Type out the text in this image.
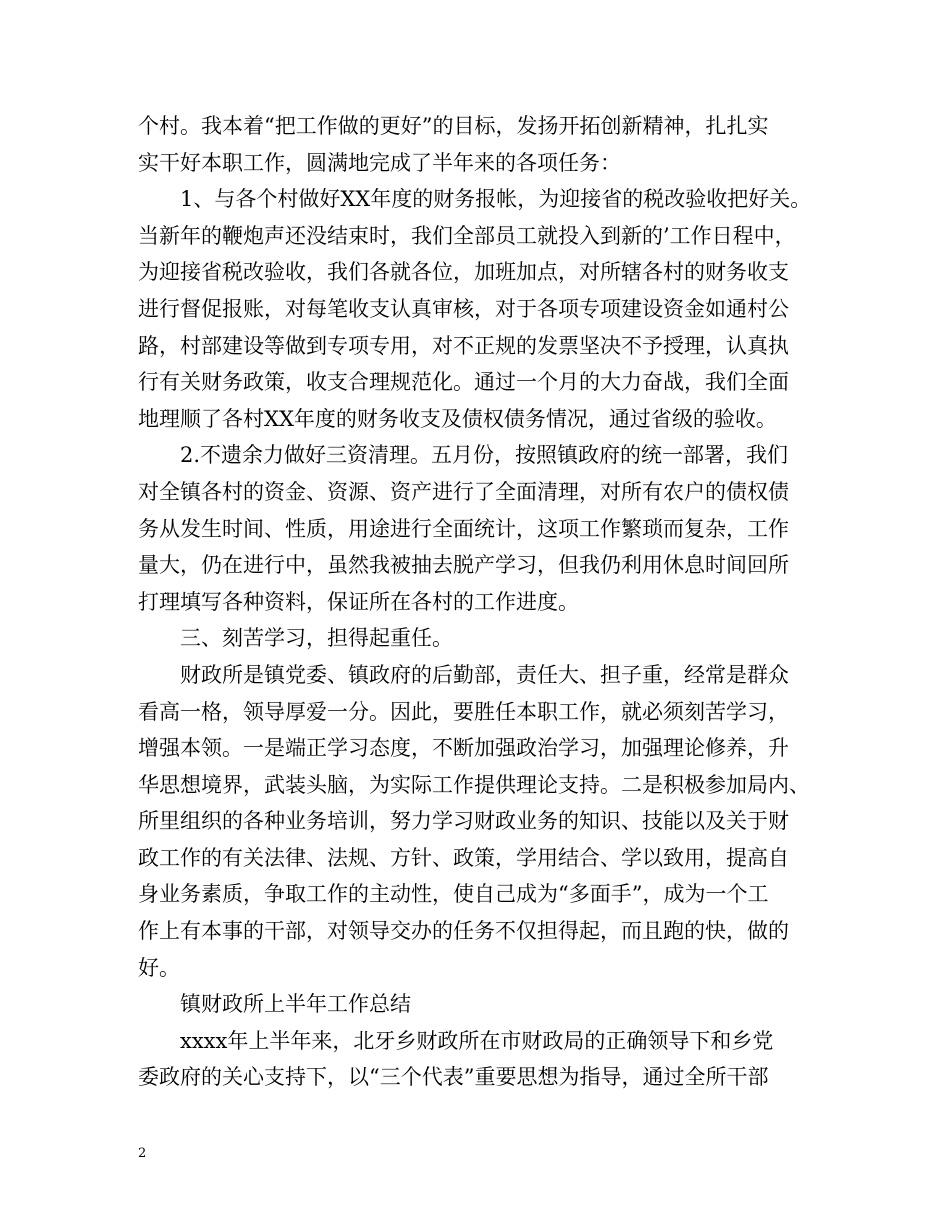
个村。我本着“把工作做的更好”的目标，发扬开拓创新精神，扎扎实
实干好本职工作，圆满地完成了半年来的各项任务：
1、与各个村做好XX年度的财务报帐，为迎接省的税改验收把好关。
当新年的鞭炮声还没结束时，我们全部员工就投入到新的’工作日程中，
为迎接省税改验收，我们各就各位，加班加点，对所辖各村的财务收支
进行督促报账，对每笔收支认真审核，对于各项专项建设资金如通村公
路，村部建设等做到专项专用，对不正规的发票坚决不予授理，认真执
行有关财务政策，收支合理规范化。通过一个月的大力奋战，我们全面
地理顺了各村XX年度的财务收支及债权债务情况，通过省级的验收。
2.不遗余力做好三资清理。五月份，按照镇政府的统一部署，我们
对全镇各村的资金、资源、资产进行了全面清理，对所有农户的债权债
务从发生时间、性质，用途进行全面统计，这项工作繁琐而复杂，工作
量大，仍在进行中，虽然我被抽去脱产学习，但我仍利用休息时间回所
打理填写各种资料，保证所在各村的工作进度。
三、刻苦学习，担得起重任。
财政所是镇党委、镇政府的后勤部，责任大、担子重，经常是群众
看高一格，领导厚爱一分。因此，要胜任本职工作，就必须刻苦学习，
增强本领。一是端正学习态度，不断加强政治学习，加强理论修养，升
华思想境界，武装头脑，为实际工作提供理论支持。二是积极参加局内、
所里组织的各种业务培训，努力学习财政业务的知识、技能以及关于财
政工作的有关法律、法规、方针、政策，学用结合、学以致用，提高自
身业务素质，争取工作的主动性，使自己成为“多面手”，成为一个工
作上有本事的干部，对领导交办的任务不仅担得起，而且跑的快，做的
好。
镇财政所上半年工作总结
xxxx年上半年来，北牙乡财政所在市财政局的正确领导下和乡党
委政府的关心支持下，以“三个代表”重要思想为指导，通过全所干部
2
